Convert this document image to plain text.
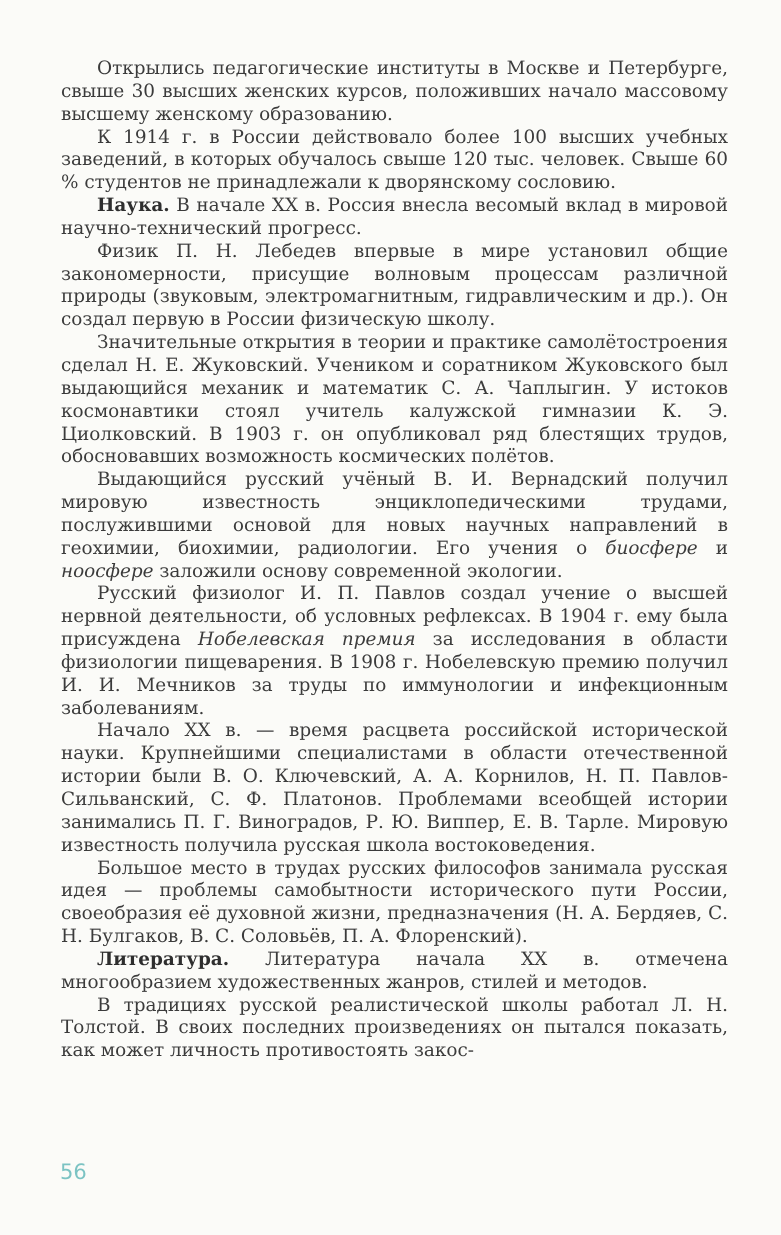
Открылись педагогические институты в Москве и Петербурге, свыше 30 высших женских курсов, положивших начало массовому высшему женскому образованию.

К 1914 г. в России действовало более 100 высших учебных заведений, в которых обучалось свыше 120 тыс. человек. Свыше 60 % студентов не принадлежали к дворянскому сословию.

Наука. В начале XX в. Россия внесла весомый вклад в мировой научно-технический прогресс.

Физик П. Н. Лебедев впервые в мире установил общие закономерности, присущие волновым процессам различной природы (звуковым, электромагнитным, гидравлическим и др.). Он создал первую в России физическую школу.

Значительные открытия в теории и практике самолётостроения сделал Н. Е. Жуковский. Учеником и соратником Жуковского был выдающийся механик и математик С. А. Чаплыгин. У истоков космонавтики стоял учитель калужской гимназии К. Э. Циолковский. В 1903 г. он опубликовал ряд блестящих трудов, обосновавших возможность космических полётов.

Выдающийся русский учёный В. И. Вернадский получил мировую известность энциклопедическими трудами, послужившими основой для новых научных направлений в геохимии, биохимии, радиологии. Его учения о биосфере и ноосфере заложили основу современной экологии.

Русский физиолог И. П. Павлов создал учение о высшей нервной деятельности, об условных рефлексах. В 1904 г. ему была присуждена Нобелевская премия за исследования в области физиологии пищеварения. В 1908 г. Нобелевскую премию получил И. И. Мечников за труды по иммунологии и инфекционным заболеваниям.

Начало XX в. — время расцвета российской исторической науки. Крупнейшими специалистами в области отечественной истории были В. О. Ключевский, А. А. Корнилов, Н. П. Павлов-Сильванский, С. Ф. Платонов. Проблемами всеобщей истории занимались П. Г. Виноградов, Р. Ю. Виппер, Е. В. Тарле. Мировую известность получила русская школа востоковедения.

Большое место в трудах русских философов занимала русская идея — проблемы самобытности исторического пути России, своеобразия её духовной жизни, предназначения (Н. А. Бердяев, С. Н. Булгаков, В. С. Соловьёв, П. А. Флоренский).

Литература. Литература начала XX в. отмечена многообразием художественных жанров, стилей и методов.

В традициях русской реалистической школы работал Л. Н. Толстой. В своих последних произведениях он пытался показать, как может личность противостоять закос-

56
